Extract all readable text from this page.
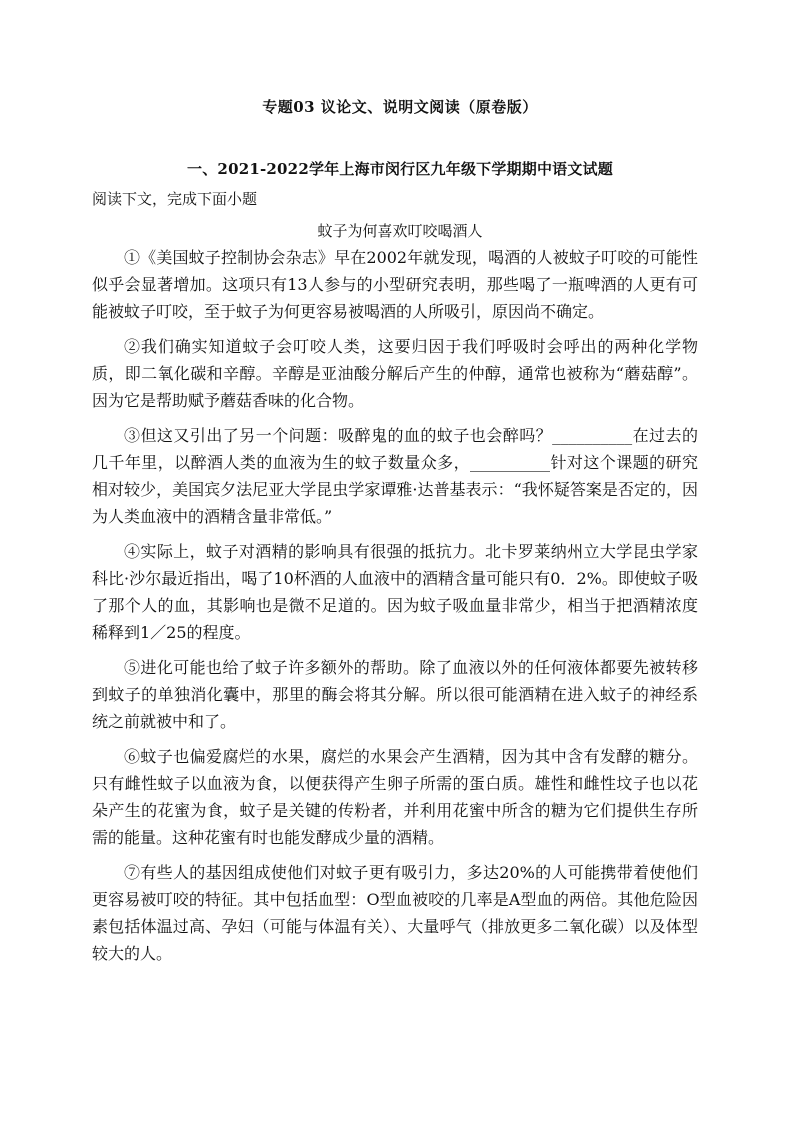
专题03 议论文、说明文阅读（原卷版）
一、2021-2022学年上海市闵行区九年级下学期期中语文试题
阅读下文，完成下面小题
蚊子为何喜欢叮咬喝酒人

①《美国蚊子控制协会杂志》早在2002年就发现，喝酒的人被蚊子叮咬的可能性似乎会显著增加。这项只有13人参与的小型研究表明，那些喝了一瓶啤酒的人更有可能被蚊子叮咬，至于蚊子为何更容易被喝酒的人所吸引，原因尚不确定。

②我们确实知道蚊子会叮咬人类，这要归因于我们呼吸时会呼出的两种化学物质，即二氧化碳和辛醇。辛醇是亚油酸分解后产生的仲醇，通常也被称为“蘑菇醇”。因为它是帮助赋予蘑菇香味的化合物。

③但这又引出了另一个问题：吸醉鬼的血的蚊子也会醉吗？__________在过去的几千年里，以醉酒人类的血液为生的蚊子数量众多，__________针对这个课题的研究相对较少，美国宾夕法尼亚大学昆虫学家谭雅·达普基表示：“我怀疑答案是否定的，因为人类血液中的酒精含量非常低。”

④实际上，蚊子对酒精的影响具有很强的抵抗力。北卡罗莱纳州立大学昆虫学家科比·沙尔最近指出，喝了10杯酒的人血液中的酒精含量可能只有0．2%。即使蚊子吸了那个人的血，其影响也是微不足道的。因为蚊子吸血量非常少，相当于把酒精浓度稀释到1／25的程度。

⑤进化可能也给了蚊子许多额外的帮助。除了血液以外的任何液体都要先被转移到蚊子的单独消化囊中，那里的酶会将其分解。所以很可能酒精在进入蚊子的神经系统之前就被中和了。

⑥蚊子也偏爱腐烂的水果，腐烂的水果会产生酒精，因为其中含有发酵的糖分。只有雌性蚊子以血液为食，以便获得产生卵子所需的蛋白质。雄性和雌性坟子也以花朵产生的花蜜为食，蚊子是关键的传粉者，并利用花蜜中所含的糖为它们提供生存所需的能量。这种花蜜有时也能发酵成少量的酒精。

⑦有些人的基因组成使他们对蚊子更有吸引力，多达20%的人可能携带着使他们更容易被叮咬的特征。其中包括血型：O型血被咬的几率是A型血的两倍。其他危险因素包括体温过高、孕妇（可能与体温有关）、大量呼气（排放更多二氧化碳）以及体型较大的人。
